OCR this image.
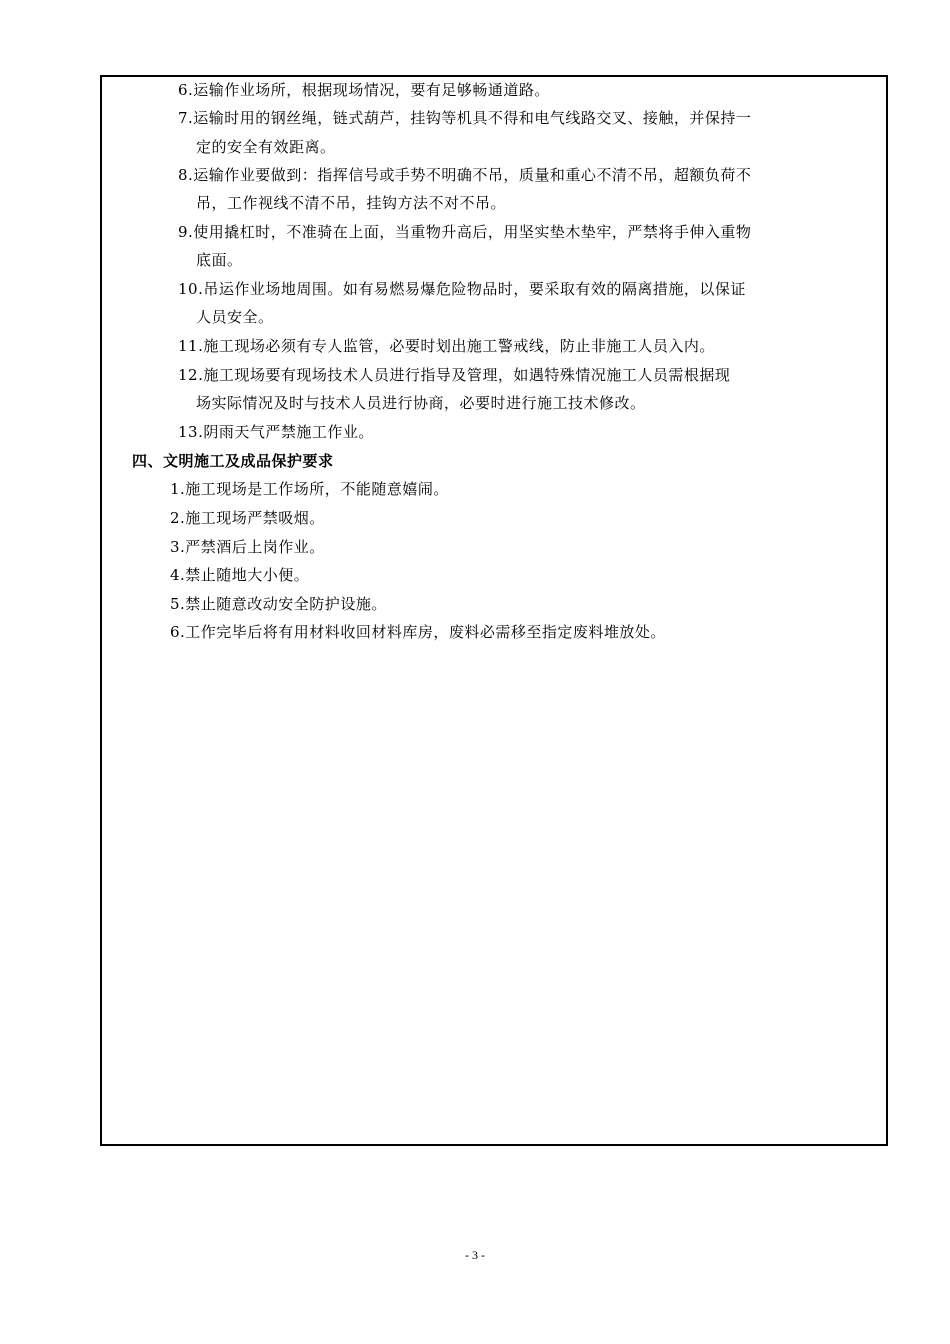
6.运输作业场所，根据现场情况，要有足够畅通道路。
7.运输时用的钢丝绳，链式葫芦，挂钩等机具不得和电气线路交叉、接触，并保持一
定的安全有效距离。
8.运输作业要做到：指挥信号或手势不明确不吊，质量和重心不清不吊，超额负荷不
吊，工作视线不清不吊，挂钩方法不对不吊。
9.使用撬杠时，不准骑在上面，当重物升高后，用坚实垫木垫牢，严禁将手伸入重物
底面。
10.吊运作业场地周围。如有易燃易爆危险物品时，要采取有效的隔离措施，以保证
人员安全。
11.施工现场必须有专人监管，必要时划出施工警戒线，防止非施工人员入内。
12.施工现场要有现场技术人员进行指导及管理，如遇特殊情况施工人员需根据现
场实际情况及时与技术人员进行协商，必要时进行施工技术修改。
13.阴雨天气严禁施工作业。
四、文明施工及成品保护要求
1.施工现场是工作场所，不能随意嬉闹。
2.施工现场严禁吸烟。
3.严禁酒后上岗作业。
4.禁止随地大小便。
5.禁止随意改动安全防护设施。
6.工作完毕后将有用材料收回材料库房，废料必需移至指定废料堆放处。
- 3 -
